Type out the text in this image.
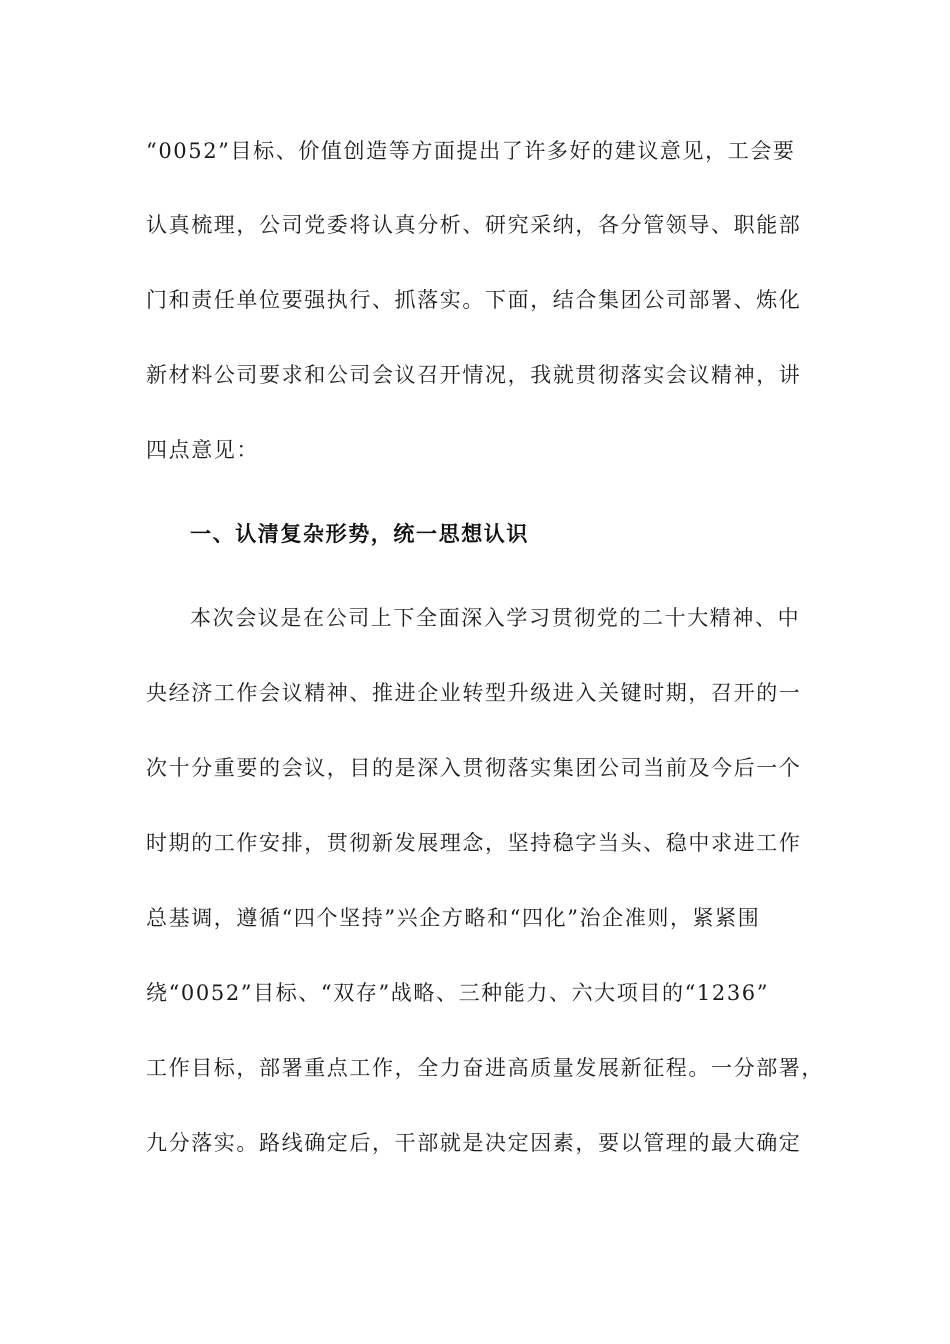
“0052”目标、价值创造等方面提出了许多好的建议意见，工会要
认真梳理，公司党委将认真分析、研究采纳，各分管领导、职能部
门和责任单位要强执行、抓落实。下面，结合集团公司部署、炼化
新材料公司要求和公司会议召开情况，我就贯彻落实会议精神，讲
四点意见：
一、认清复杂形势，统一思想认识
本次会议是在公司上下全面深入学习贯彻党的二十大精神、中
央经济工作会议精神、推进企业转型升级进入关键时期，召开的一
次十分重要的会议，目的是深入贯彻落实集团公司当前及今后一个
时期的工作安排，贯彻新发展理念，坚持稳字当头、稳中求进工作
总基调，遵循“四个坚持”兴企方略和“四化”治企准则，紧紧围
绕“0052”目标、“双存”战略、三种能力、六大项目的“1236”
工作目标，部署重点工作，全力奋进高质量发展新征程。一分部署，
九分落实。路线确定后，干部就是决定因素，要以管理的最大确定
